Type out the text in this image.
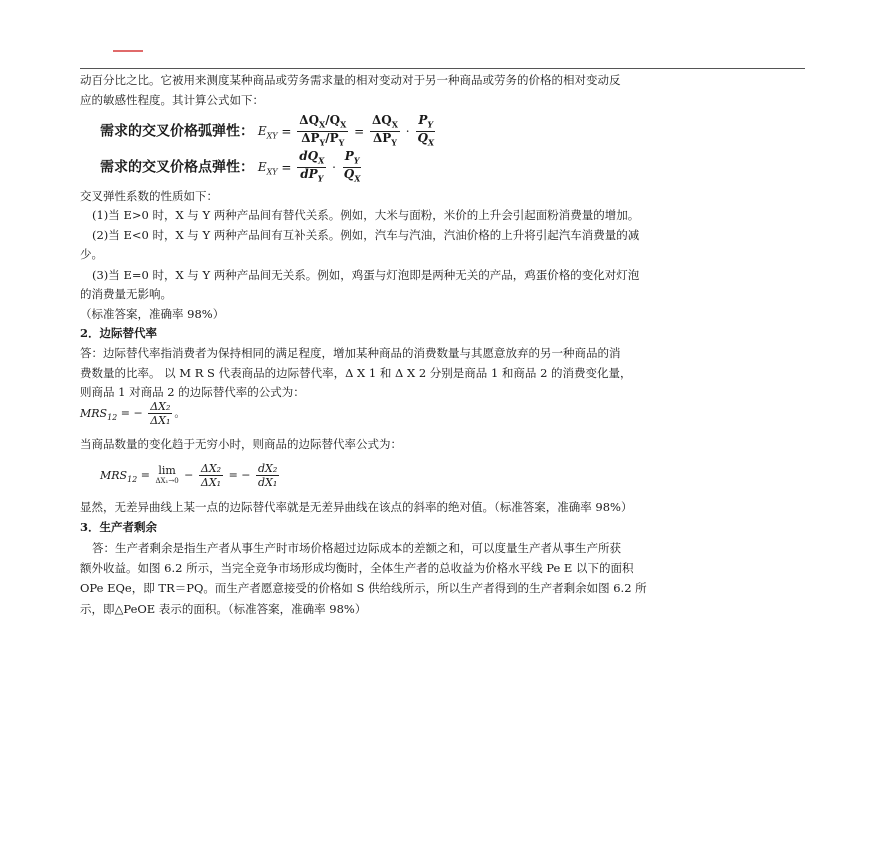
动百分比之比。它被用来测度某种商品或劳务需求量的相对变动对于另一种商品或劳务的价格的相对变动反
应的敏感性程度。其计算公式如下：
需求的交叉价格弧弹性： $E_{XY} = \frac{\Delta Q_X/Q_X}{\Delta P_Y/P_Y} = \frac{\Delta Q_X}{\Delta P_Y} \cdot \frac{P_Y}{Q_X}$
需求的交叉价格点弹性： $E_{XY} = \frac{dQ_X}{dP_Y} \cdot \frac{P_Y}{Q_X}$
交叉弹性系数的性质如下：
(1)当 E>0 时，X 与 Y 两种产品间有替代关系。例如，大米与面粉，米价的上升会引起面粉消费量的增加。
(2)当 E<0 时，X 与 Y 两种产品间有互补关系。例如，汽车与汽油，汽油价格的上升将引起汽车消费量的减
少。
(3)当 E=0 时，X 与 Y 两种产品间无关系。例如，鸡蛋与灯泡即是两种无关的产品，鸡蛋价格的变化对灯泡
的消费量无影响。
（标准答案，准确率 98%）
2．边际替代率
答：边际替代率指消费者为保持相同的满足程度，增加某种商品的消费数量与其愿意放弃的另一种商品的消
费数量的比率。 以 M R S 代表商品的边际替代率，Δ X 1 和 Δ X 2 分别是商品 1 和商品 2 的消费变化量，
则商品 1 对商品 2 的边际替代率的公式为：
$MRS_{12}$ = − $\frac{\text{ΔX₂}}{\text{ΔX₁}}$ 。
当商品数量的变化趋于无穷小时，则商品的边际替代率公式为：
$MRS_{12} = \lim$
$\Delta X_1\to 0 - \frac{\text{ΔX₂}}{\text{ΔX₁}}$ = − $\frac{\text{dX₂}}{\text{dX₁}}$
显然，无差异曲线上某一点的边际替代率就是无差异曲线在该点的斜率的绝对值。（标准答案，准确率 98%）
3．生产者剩余
答：生产者剩余是指生产者从事生产时市场价格超过边际成本的差额之和，可以度量生产者从事生产所获
额外收益。如图 6.2 所示，当完全竞争市场形成均衡时，全体生产者的总收益为价格水平线 Pe E 以下的面积
OPe EQe，即 TR＝PQ。而生产者愿意接受的价格如 S 供给线所示，所以生产者得到的生产者剩余如图 6.2 所
示，即△PeOE 表示的面积。（标准答案，准确率 98%）
